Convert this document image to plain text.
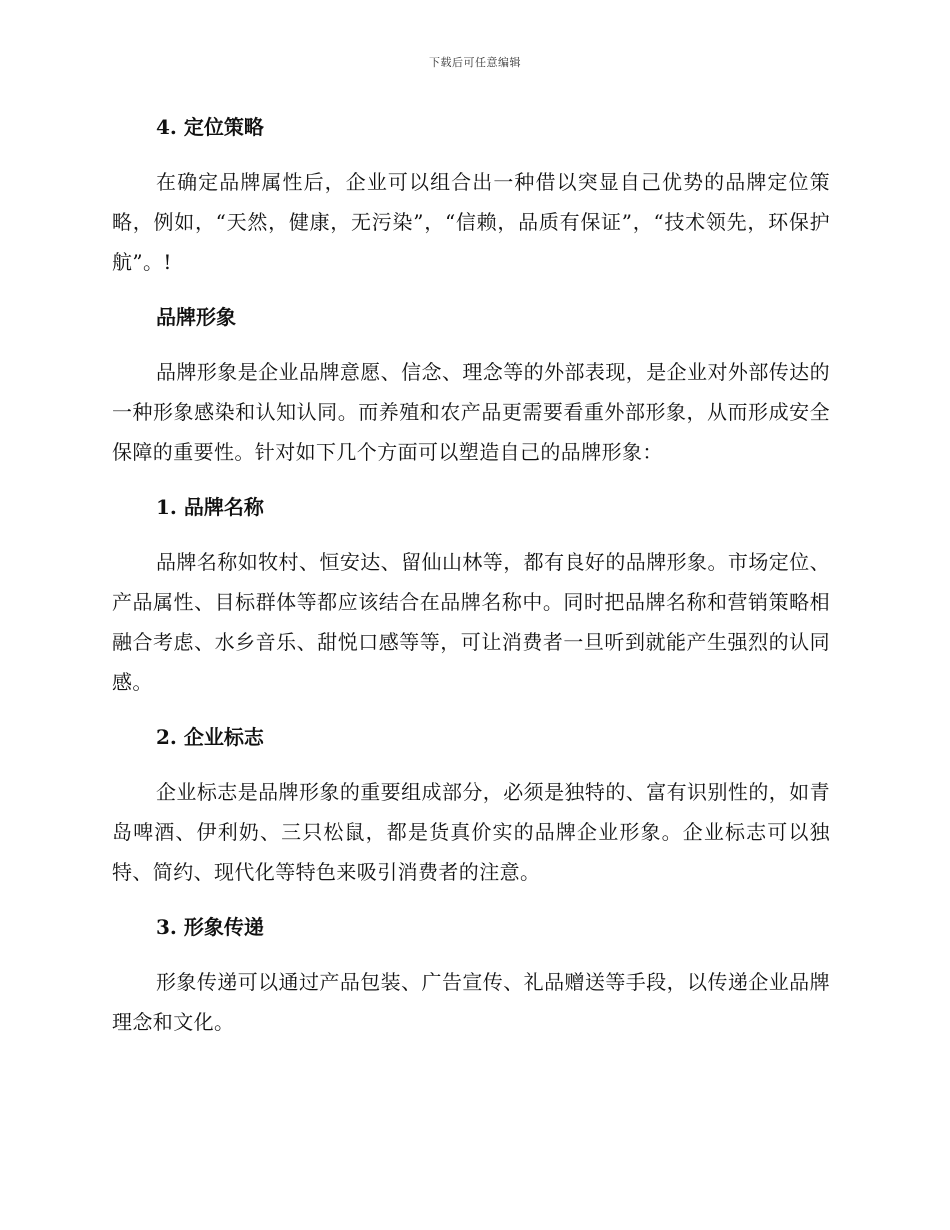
下载后可任意编辑
4. 定位策略

在确定品牌属性后，企业可以组合出一种借以突显自己优势的品牌定位策略，例如，“天然，健康，无污染”，“信赖，品质有保证”，“技术领先，环保护航”。!

品牌形象

品牌形象是企业品牌意愿、信念、理念等的外部表现，是企业对外部传达的一种形象感染和认知认同。而养殖和农产品更需要看重外部形象，从而形成安全保障的重要性。针对如下几个方面可以塑造自己的品牌形象：

1. 品牌名称

品牌名称如牧村、恒安达、留仙山林等，都有良好的品牌形象。市场定位、产品属性、目标群体等都应该结合在品牌名称中。同时把品牌名称和营销策略相融合考虑、水乡音乐、甜悦口感等等，可让消费者一旦听到就能产生强烈的认同感。

2. 企业标志

企业标志是品牌形象的重要组成部分，必须是独特的、富有识别性的，如青岛啤酒、伊利奶、三只松鼠，都是货真价实的品牌企业形象。企业标志可以独特、简约、现代化等特色来吸引消费者的注意。

3. 形象传递

形象传递可以通过产品包装、广告宣传、礼品赠送等手段，以传递企业品牌理念和文化。
